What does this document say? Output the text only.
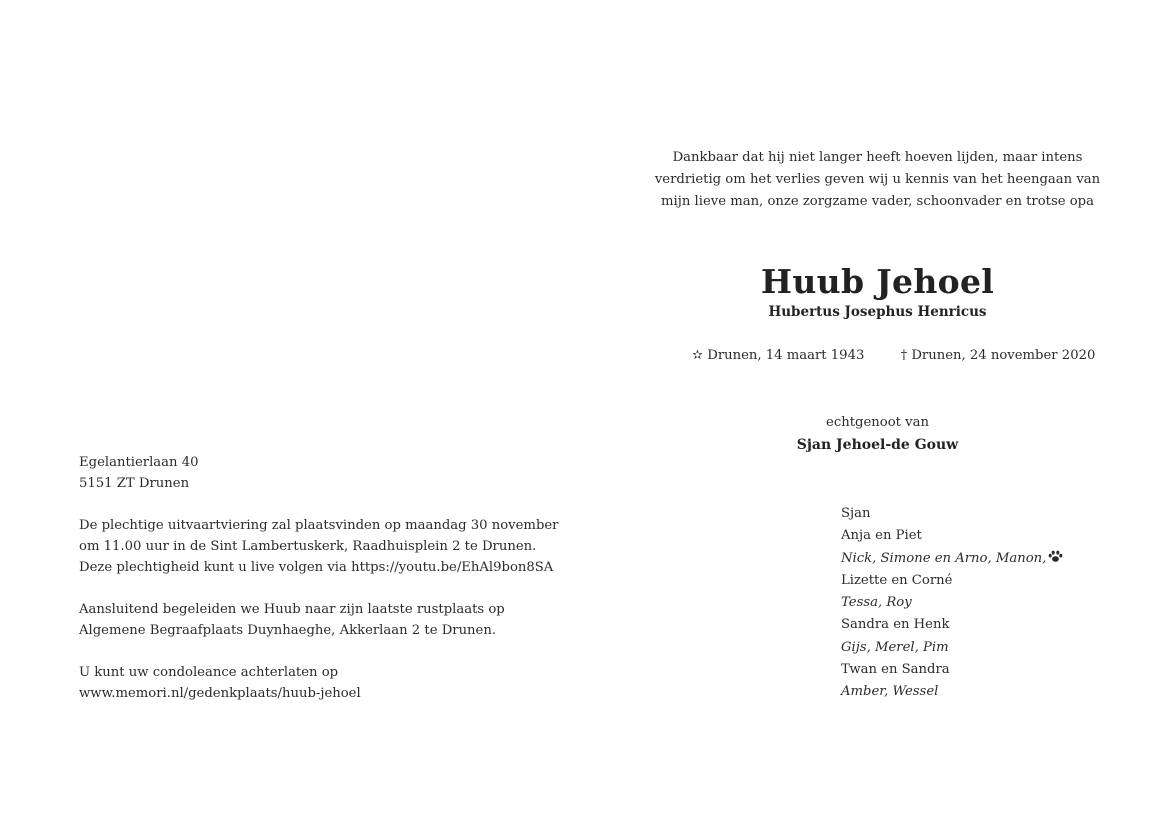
Egelantierlaan 40
5151 ZT Drunen
De plechtige uitvaartviering zal plaatsvinden op maandag 30 november
om 11.00 uur in de Sint Lambertuskerk, Raadhuisplein 2 te Drunen.
Deze plechtigheid kunt u live volgen via https://youtu.be/EhAl9bon8SA
Aansluitend begeleiden we Huub naar zijn laatste rustplaats op
Algemene Begraafplaats Duynhaeghe, Akkerlaan 2 te Drunen.
U kunt uw condoleance achterlaten op
www.memori.nl/gedenkplaats/huub-jehoel
Dankbaar dat hij niet langer heeft hoeven lijden, maar intens
verdrietig om het verlies geven wij u kennis van het heengaan van
mijn lieve man, onze zorgzame vader, schoonvader en trotse opa
Huub Jehoel
Hubertus Josephus Henricus
✫ Drunen, 14 maart 1943	† Drunen, 24 november 2020
echtgenoot van
Sjan Jehoel-de Gouw
Sjan
Anja en Piet
Nick, Simone en Arno, Manon,
Lizette en Corné
Tessa, Roy
Sandra en Henk
Gijs, Merel, Pim
Twan en Sandra
Amber, Wessel
